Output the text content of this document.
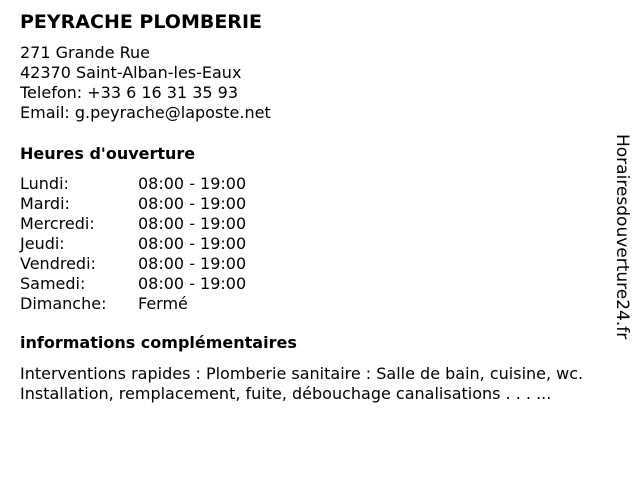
PEYRACHE PLOMBERIE
271 Grande Rue
42370 Saint-Alban-les-Eaux
Telefon: +33 6 16 31 35 93
Email: g.peyrache@laposte.net
Heures d'ouverture
Lundi:	08:00 - 19:00
Mardi:	08:00 - 19:00
Mercredi:	08:00 - 19:00
Jeudi:	08:00 - 19:00
Vendredi:	08:00 - 19:00
Samedi:	08:00 - 19:00
Dimanche:	Fermé
informations complémentaires
Interventions rapides : Plomberie sanitaire : Salle de bain, cuisine, wc. Installation, remplacement, fuite, débouchage canalisations . . . ...
Horairesdouverture24.fr
